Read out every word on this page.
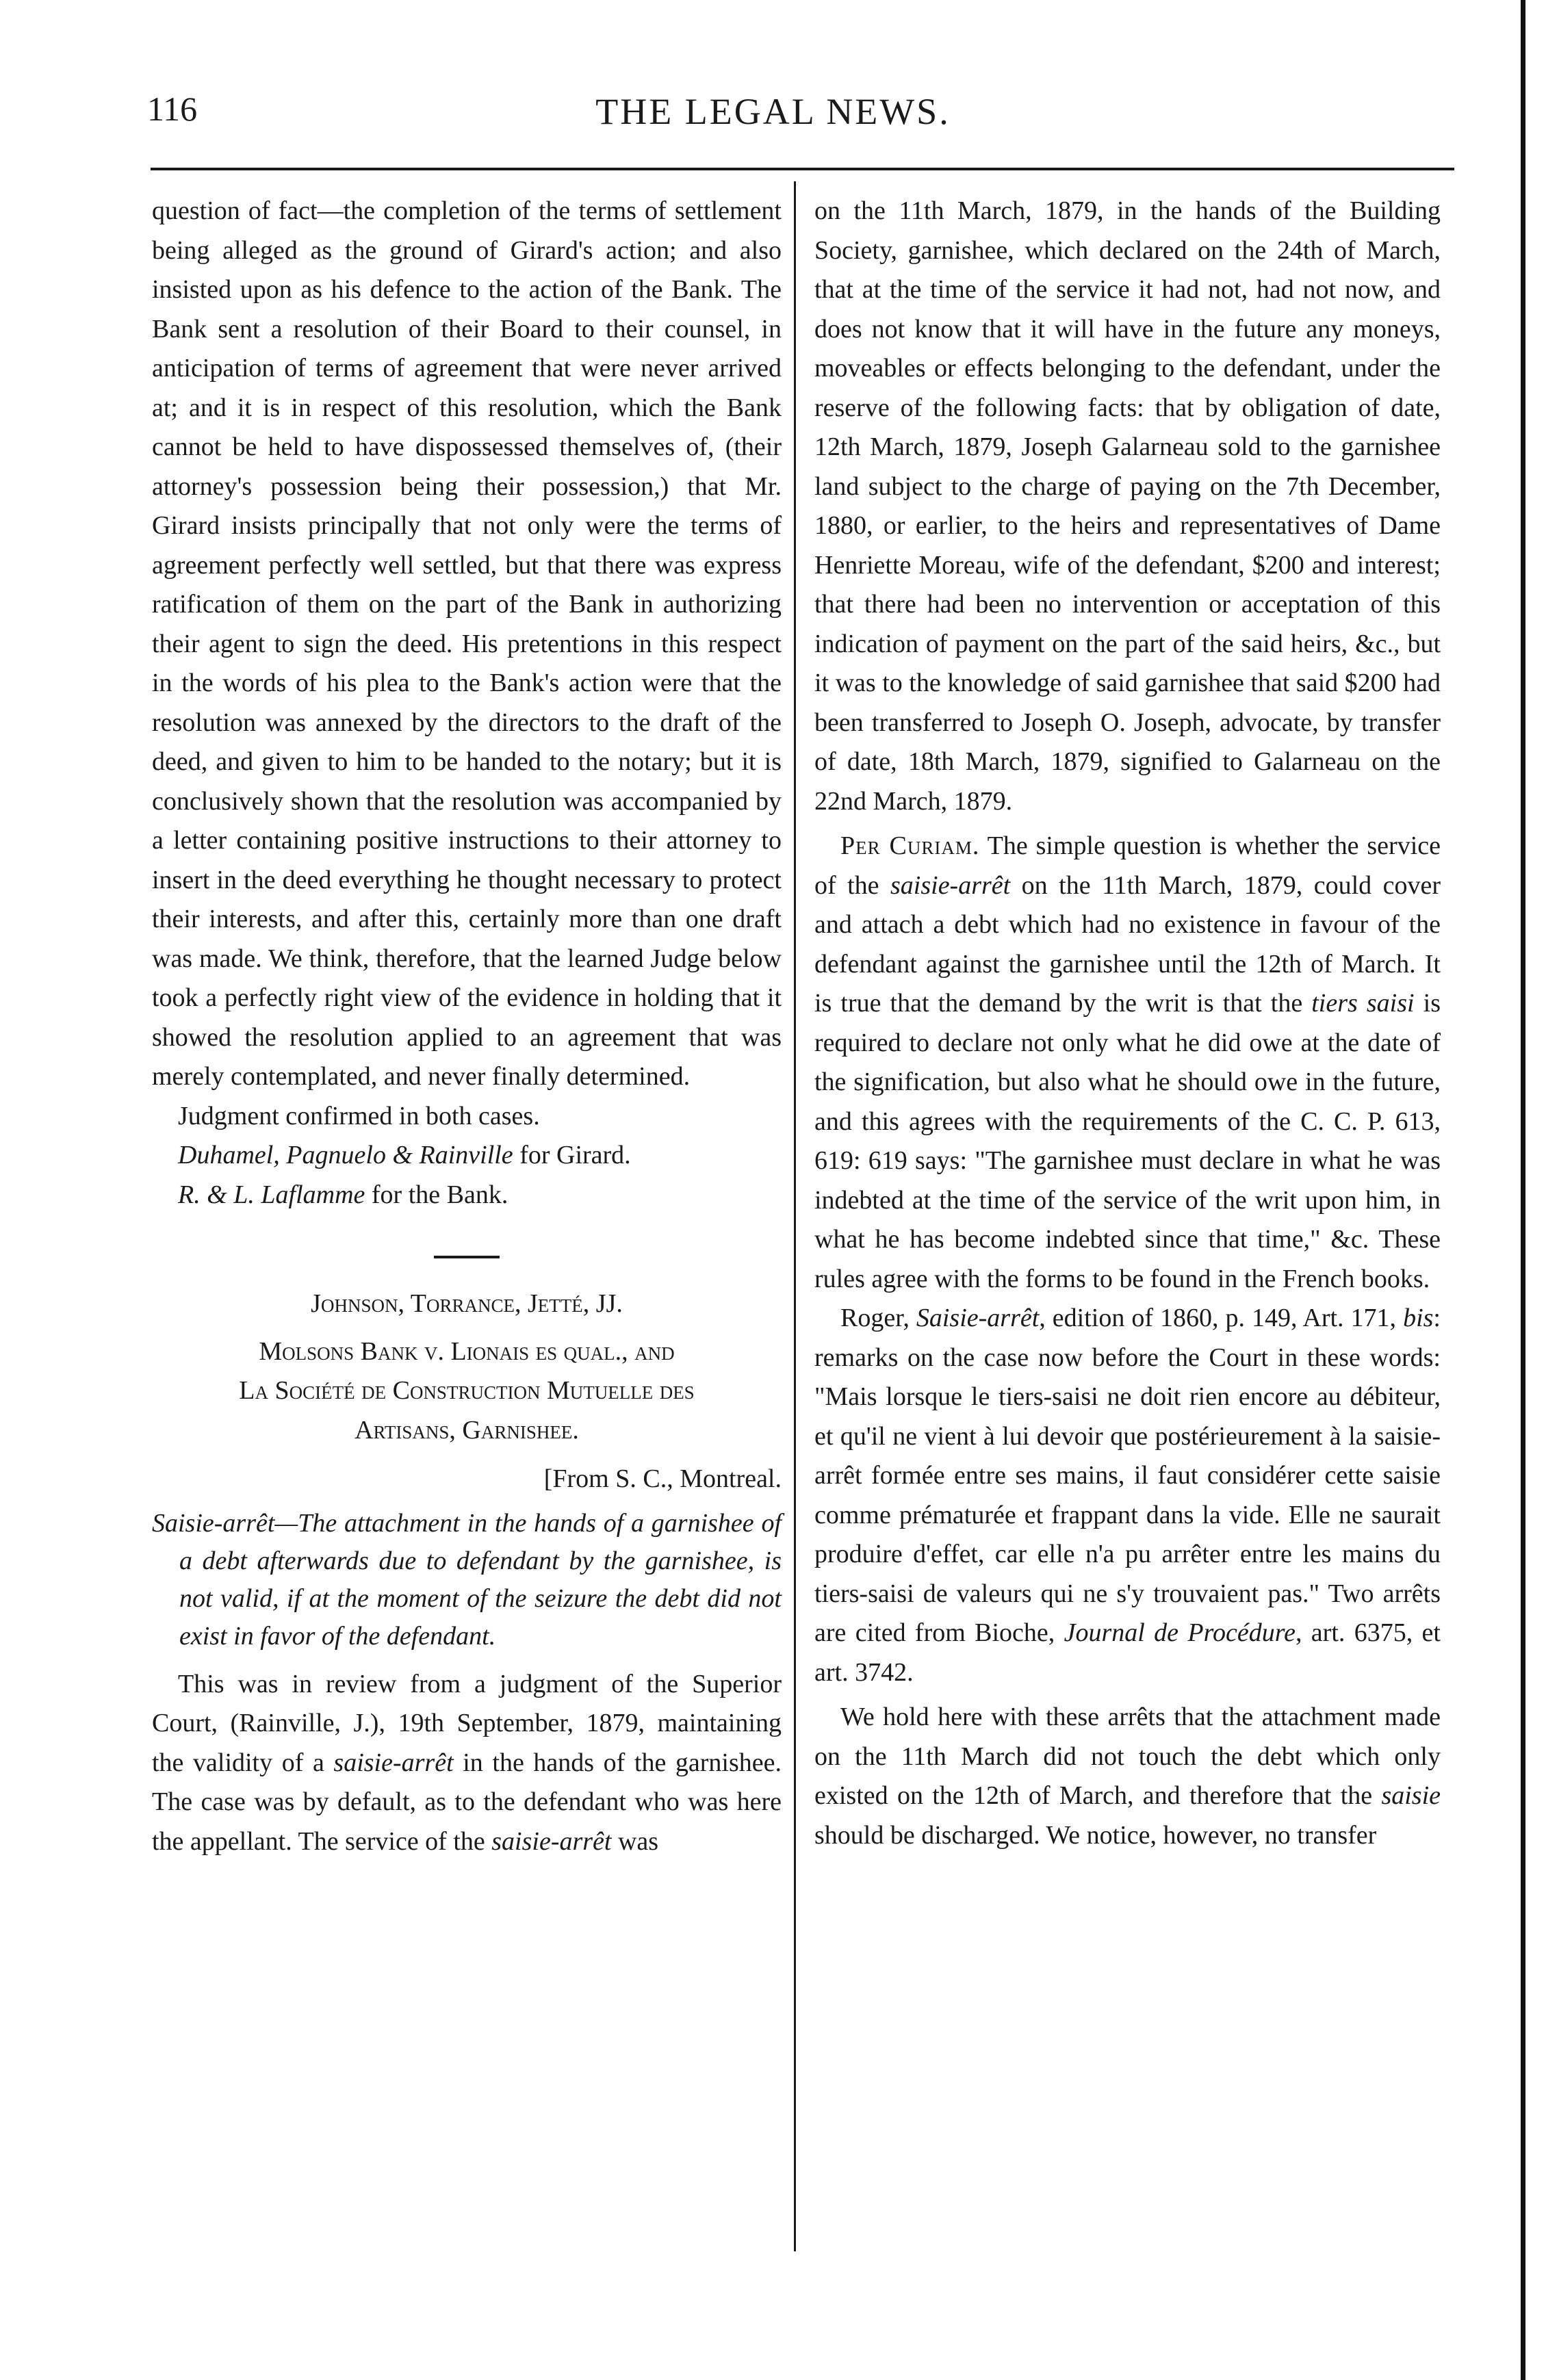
116	THE LEGAL NEWS.

question of fact—the completion of the terms of settlement being alleged as the ground of Girard's action; and also insisted upon as his defence to the action of the Bank. The Bank sent a resolution of their Board to their counsel, in anticipation of terms of agreement that were never arrived at; and it is in respect of this resolution, which the Bank cannot be held to have dispossessed themselves of, (their attorney's possession being their possession,) that Mr. Girard insists principally that not only were the terms of agreement perfectly well settled, but that there was express ratification of them on the part of the Bank in authorizing their agent to sign the deed. His pretentions in this respect in the words of his plea to the Bank's action were that the resolution was annexed by the directors to the draft of the deed, and given to him to be handed to the notary; but it is conclusively shown that the resolution was accompanied by a letter containing positive instructions to their attorney to insert in the deed everything he thought necessary to protect their interests, and after this, certainly more than one draft was made. We think, therefore, that the learned Judge below took a perfectly right view of the evidence in holding that it showed the resolution applied to an agreement that was merely contemplated, and never finally determined.

Judgment confirmed in both cases.

Duhamel, Pagnuelo & Rainville for Girard.

R. & L. Laflamme for the Bank.

Johnson, Torrance, Jetté, JJ.

Molsons Bank v. Lionais es qual., and

La Société de Construction Mutuelle des

Artisans, Garnishee.

[From S. C., Montreal.

Saisie-arrêt—The attachment in the hands of a garnishee of a debt afterwards due to defendant by the garnishee, is not valid, if at the moment of the seizure the debt did not exist in favor of the defendant.

This was in review from a judgment of the Superior Court, (Rainville, J.), 19th September, 1879, maintaining the validity of a saisie-arrêt in the hands of the garnishee. The case was by default, as to the defendant who was here the appellant. The service of the saisie-arrêt was

on the 11th March, 1879, in the hands of the Building Society, garnishee, which declared on the 24th of March, that at the time of the service it had not, had not now, and does not know that it will have in the future any moneys, moveables or effects belonging to the defendant, under the reserve of the following facts: that by obligation of date, 12th March, 1879, Joseph Galarneau sold to the garnishee land subject to the charge of paying on the 7th December, 1880, or earlier, to the heirs and representatives of Dame Henriette Moreau, wife of the defendant, $200 and interest; that there had been no intervention or acceptation of this indication of payment on the part of the said heirs, &c., but it was to the knowledge of said garnishee that said $200 had been transferred to Joseph O. Joseph, advocate, by transfer of date, 18th March, 1879, signified to Galarneau on the 22nd March, 1879.

Per Curiam. The simple question is whether the service of the saisie-arrêt on the 11th March, 1879, could cover and attach a debt which had no existence in favour of the defendant against the garnishee until the 12th of March. It is true that the demand by the writ is that the tiers saisi is required to declare not only what he did owe at the date of the signification, but also what he should owe in the future, and this agrees with the requirements of the C. C. P. 613, 619: 619 says: "The garnishee must declare in what he was indebted at the time of the service of the writ upon him, in what he has become indebted since that time," &c. These rules agree with the forms to be found in the French books.

Roger, Saisie-arrêt, edition of 1860, p. 149, Art. 171, bis: remarks on the case now before the Court in these words: "Mais lorsque le tiers-saisi ne doit rien encore au débiteur, et qu'il ne vient à lui devoir que postérieurement à la saisie-arrêt formée entre ses mains, il faut considérer cette saisie comme prématurée et frappant dans la vide. Elle ne saurait produire d'effet, car elle n'a pu arrêter entre les mains du tiers-saisi de valeurs qui ne s'y trouvaient pas." Two arrêts are cited from Bioche, Journal de Procédure, art. 6375, et art. 3742.

We hold here with these arrêts that the attachment made on the 11th March did not touch the debt which only existed on the 12th of March, and therefore that the saisie should be discharged. We notice, however, no transfer
